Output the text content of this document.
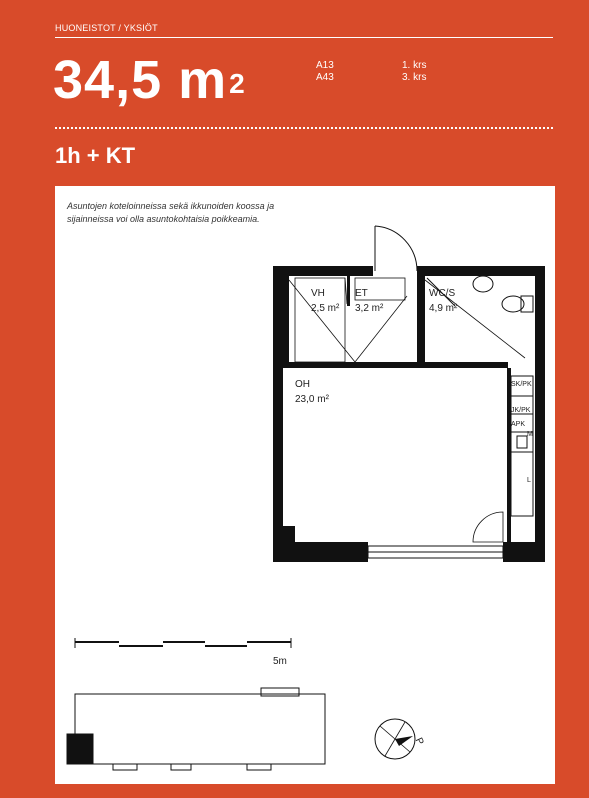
HUONEISTOT / YKSIÖT
34,5 $m^2$
A13	1. krs
A43	3. krs
1h + KT
Asuntojen koteloinneissa sekä ikkunoiden koossa ja sijainneissa voi olla asuntokohtaisia poikkeamia.
VH
2,5 m²
ET
3,2 m²
WC/S
4,9 m²
OH
23,0 m²
SK/PK
JK/PK
APK
M
L
5m
P
